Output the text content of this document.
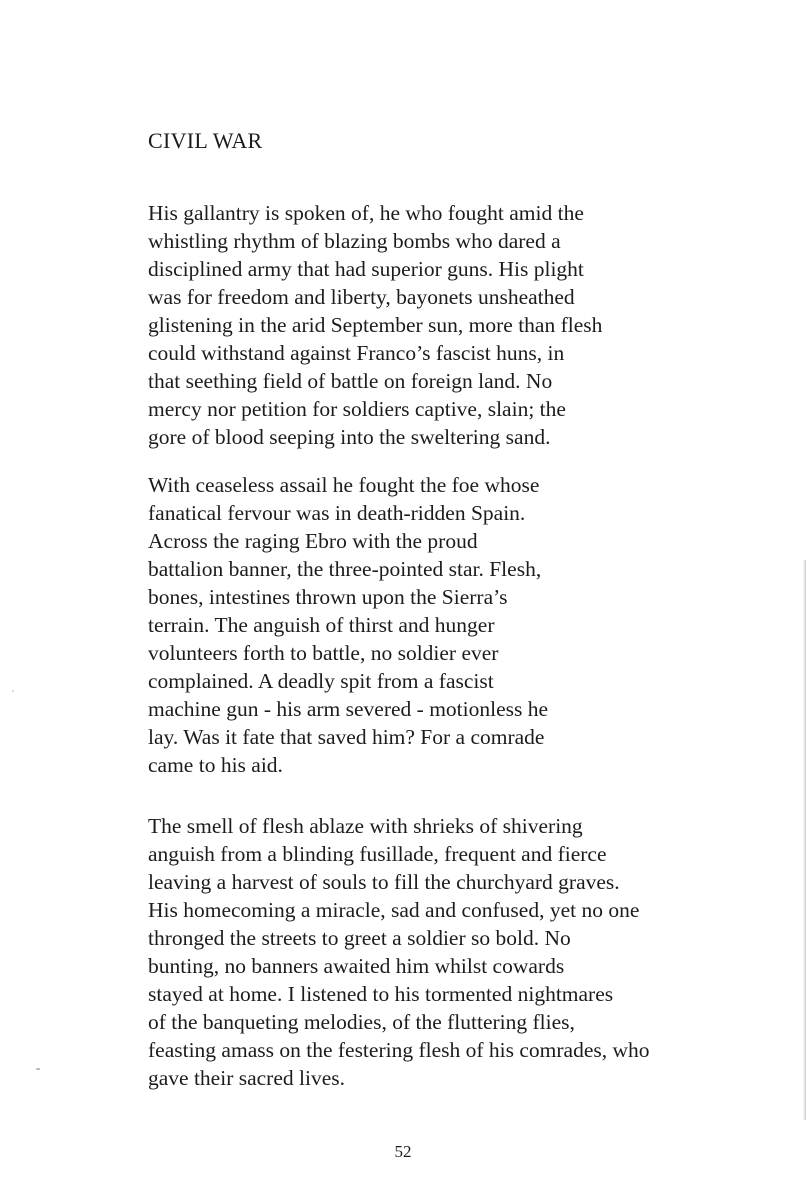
CIVIL WAR

His gallantry is spoken of, he who fought amid the
whistling rhythm of blazing bombs who dared a
disciplined army that had superior guns. His plight
was for freedom and liberty, bayonets unsheathed
glistening in the arid September sun, more than flesh
could withstand against Franco’s fascist huns, in
that seething field of battle on foreign land. No
mercy nor petition for soldiers captive, slain; the
gore of blood seeping into the sweltering sand.

With ceaseless assail he fought the foe whose
fanatical fervour was in death-ridden Spain.
Across the raging Ebro with the proud
battalion banner, the three-pointed star. Flesh,
bones, intestines thrown upon the Sierra’s
terrain. The anguish of thirst and hunger
volunteers forth to battle, no soldier ever
complained. A deadly spit from a fascist
machine gun - his arm severed - motionless he
lay. Was it fate that saved him? For a comrade
came to his aid.

The smell of flesh ablaze with shrieks of shivering
anguish from a blinding fusillade, frequent and fierce
leaving a harvest of souls to fill the churchyard graves.
His homecoming a miracle, sad and confused, yet no one
thronged the streets to greet a soldier so bold. No
bunting, no banners awaited him whilst cowards
stayed at home. I listened to his tormented nightmares
of the banqueting melodies, of the fluttering flies,
feasting amass on the festering flesh of his comrades, who
gave their sacred lives.

52
